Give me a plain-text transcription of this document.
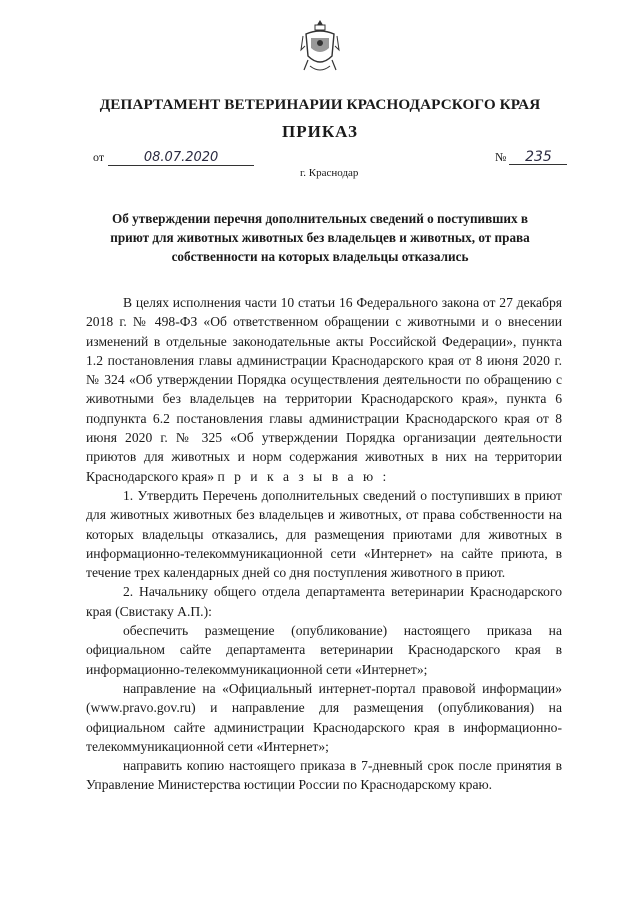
ДЕПАРТАМЕНТ ВЕТЕРИНАРИИ КРАСНОДАРСКОГО КРАЯ
ПРИКАЗ
от	08.07.2020
г. Краснодар
№ 235
Об утверждении перечня дополнительных сведений о поступивших в приют для животных животных без владельцев и животных, от права собственности на которых владельцы отказались

В целях исполнения части 10 статьи 16 Федерального закона от 27 декабря 2018 г. № 498-ФЗ «Об ответственном обращении с животными и о внесении изменений в отдельные законодательные акты Российской Федерации», пункта 1.2 постановления главы администрации Краснодарского края от 8 июня 2020 г. № 324 «Об утверждении Порядка осуществления деятельности по обращению с животными без владельцев на территории Краснодарского края», пункта 6 подпункта 6.2 постановления главы администрации Краснодарского края от 8 июня 2020 г. № 325 «Об утверждении Порядка организации деятельности приютов для животных и норм содержания животных в них на территории Краснодарского края» п р и к а з ы в а ю :

1. Утвердить Перечень дополнительных сведений о поступивших в приют для животных животных без владельцев и животных, от права собственности на которых владельцы отказались, для размещения приютами для животных в информационно-телекоммуникационной сети «Интернет» на сайте приюта, в течение трех календарных дней со дня поступления животного в приют.

2. Начальнику общего отдела департамента ветеринарии Краснодарского края (Свистаку А.П.):

обеспечить размещение (опубликование) настоящего приказа на официальном сайте департамента ветеринарии Краснодарского края в информационно-телекоммуникационной сети «Интернет»;

направление на «Официальный интернет-портал правовой информации» (www.pravo.gov.ru) и направление для размещения (опубликования) на официальном сайте администрации Краснодарского края в информационно-телекоммуникационной сети «Интернет»;

направить копию настоящего приказа в 7-дневный срок после принятия в Управление Министерства юстиции России по Краснодарскому краю.
